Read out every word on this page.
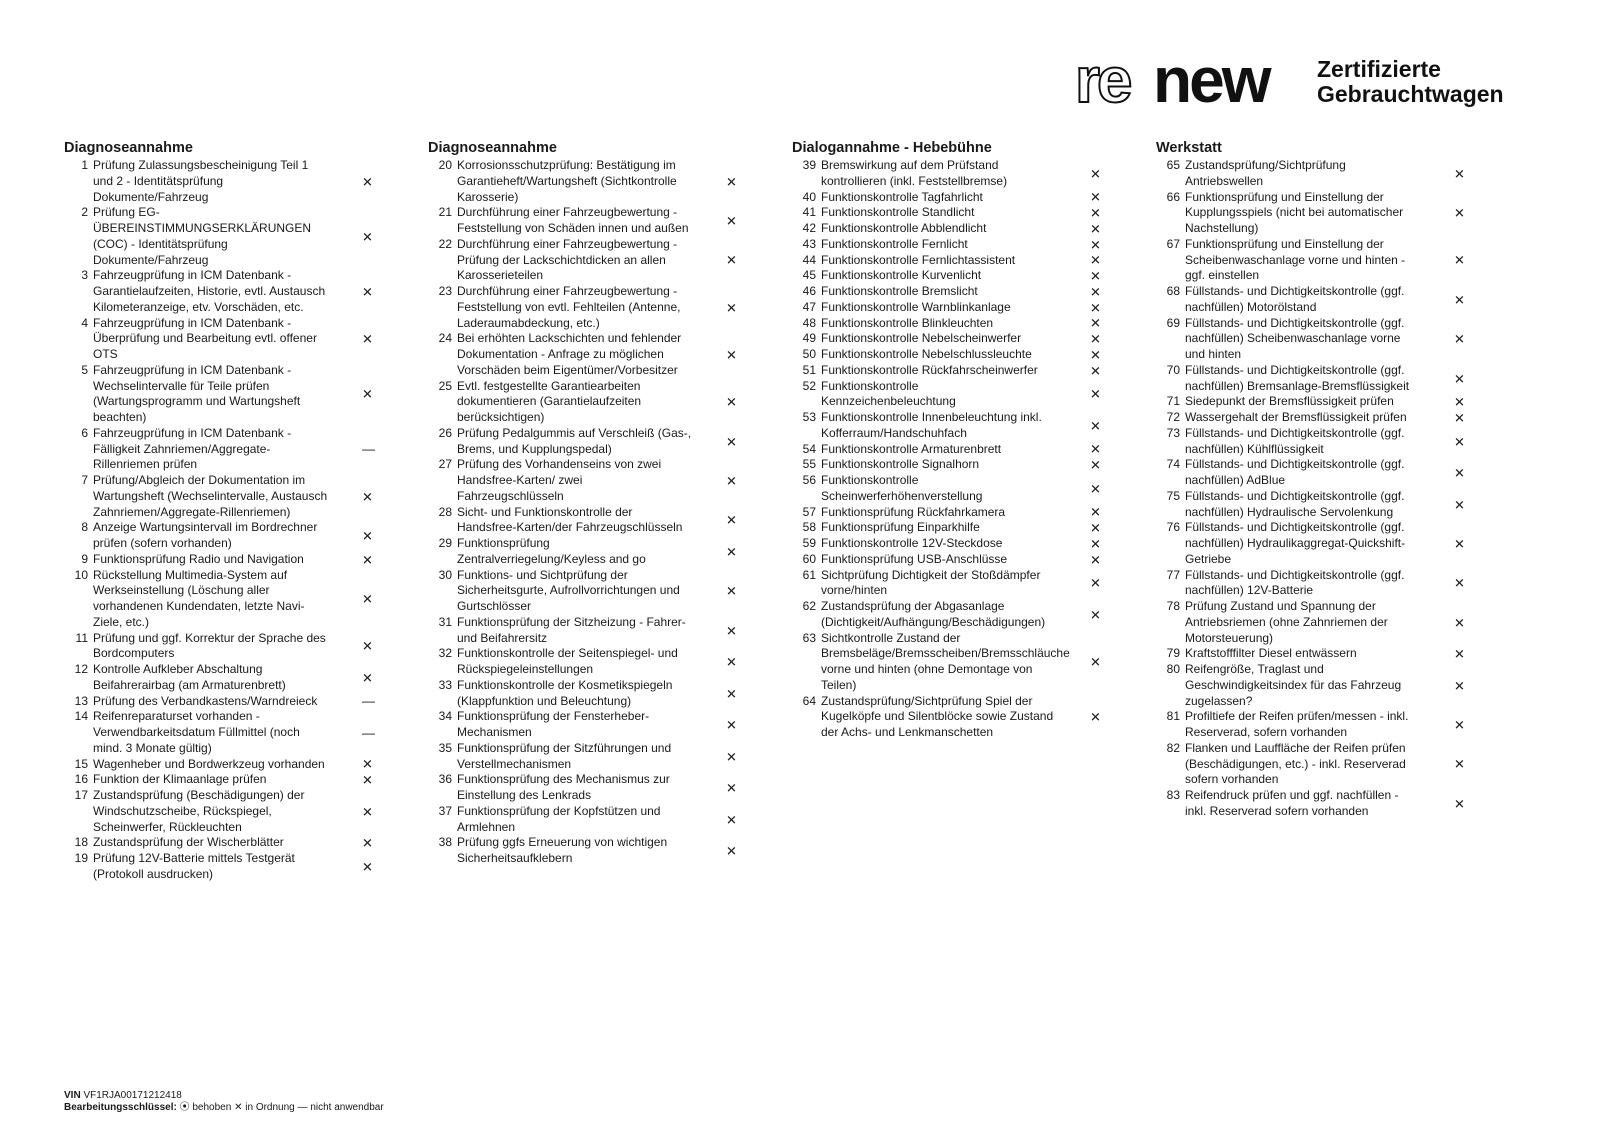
re new Zertifizierte
Gebrauchtwagen
Diagnoseannahme
1 Prüfung Zulassungsbescheinigung Teil 1 und 2 - Identitätsprüfung Dokumente/Fahrzeug
✕
2 Prüfung EG-ÜBEREINSTIMMUNGSERKLÄRUNGEN (COC) - Identitätsprüfung Dokumente/Fahrzeug
✕
3 Fahrzeugprüfung in ICM Datenbank - Garantielaufzeiten, Historie, evtl. Austausch Kilometeranzeige, etv. Vorschäden, etc.
✕
4 Fahrzeugprüfung in ICM Datenbank - Überprüfung und Bearbeitung evtl. offener OTS
✕
5 Fahrzeugprüfung in ICM Datenbank - Wechselintervalle für Teile prüfen (Wartungsprogramm und Wartungsheft beachten)
✕
6 Fahrzeugprüfung in ICM Datenbank - Fälligkeit Zahnriemen/Aggregate-Rillenriemen prüfen
—
7 Prüfung/Abgleich der Dokumentation im Wartungsheft (Wechselintervalle, Austausch Zahnriemen/Aggregate-Rillenriemen)
✕
8 Anzeige Wartungsintervall im Bordrechner prüfen (sofern vorhanden)	✕
9 Funktionsprüfung Radio und Navigation	✕
10 Rückstellung Multimedia-System auf Werkseinstellung (Löschung aller vorhandenen Kundendaten, letzte Navi-Ziele, etc.)
✕
11 Prüfung und ggf. Korrektur der Sprache des Bordcomputers	✕
12 Kontrolle Aufkleber Abschaltung Beifahrerairbag (am Armaturenbrett)	✕
13 Prüfung des Verbandkastens/Warndreieck	—
14 Reifenreparaturset vorhanden - Verwendbarkeitsdatum Füllmittel (noch mind. 3 Monate gültig)
—
15 Wagenheber und Bordwerkzeug vorhanden	✕
16 Funktion der Klimaanlage prüfen	✕
17 Zustandsprüfung (Beschädigungen) der Windschutzscheibe, Rückspiegel, Scheinwerfer, Rückleuchten
✕
18 Zustandsprüfung der Wischerblätter	✕
19 Prüfung 12V-Batterie mittels Testgerät (Protokoll ausdrucken)	✕
Diagnoseannahme
20 Korrosionsschutzprüfung: Bestätigung im Garantieheft/Wartungsheft (Sichtkontrolle Karosserie)
✕
21 Durchführung einer Fahrzeugbewertung - Feststellung von Schäden innen und außen	✕
22 Durchführung einer Fahrzeugbewertung - Prüfung der Lackschichtdicken an allen Karosserieteilen
✕
23 Durchführung einer Fahrzeugbewertung - Feststellung von evtl. Fehlteilen (Antenne, Laderaumabdeckung, etc.)
✕
24 Bei erhöhten Lackschichten und fehlender Dokumentation - Anfrage zu möglichen Vorschäden beim Eigentümer/Vorbesitzer
✕
25 Evtl. festgestellte Garantiearbeiten dokumentieren (Garantielaufzeiten berücksichtigen)
✕
26 Prüfung Pedalgummis auf Verschleiß (Gas-, Brems, und Kupplungspedal)	✕
27 Prüfung des Vorhandenseins von zwei Handsfree-Karten/ zwei Fahrzeugschlüsseln
✕
28 Sicht- und Funktionskontrolle der Handsfree-Karten/der Fahrzeugschlüsseln	✕
29 Funktionsprüfung Zentralverriegelung/Keyless and go	✕
30 Funktions- und Sichtprüfung der Sicherheitsgurte, Aufrollvorrichtungen und Gurtschlösser
✕
31 Funktionsprüfung der Sitzheizung - Fahrer- und Beifahrersitz	✕
32 Funktionskontrolle der Seitenspiegel- und Rückspiegeleinstellungen	✕
33 Funktionskontrolle der Kosmetikspiegeln (Klappfunktion und Beleuchtung)	✕
34 Funktionsprüfung der Fensterheber-Mechanismen	✕
35 Funktionsprüfung der Sitzführungen und Verstellmechanismen	✕
36 Funktionsprüfung des Mechanismus zur Einstellung des Lenkrads	✕
37 Funktionsprüfung der Kopfstützen und Armlehnen	✕
38 Prüfung ggfs Erneuerung von wichtigen Sicherheitsaufklebern	✕
Dialogannahme - Hebebühne
39 Bremswirkung auf dem Prüfstand kontrollieren (inkl. Feststellbremse)	✕
40 Funktionskontrolle Tagfahrlicht	✕
41 Funktionskontrolle Standlicht	✕
42 Funktionskontrolle Abblendlicht	✕
43 Funktionskontrolle Fernlicht	✕
44 Funktionskontrolle Fernlichtassistent	✕
45 Funktionskontrolle Kurvenlicht	✕
46 Funktionskontrolle Bremslicht	✕
47 Funktionskontrolle Warnblinkanlage	✕
48 Funktionskontrolle Blinkleuchten	✕
49 Funktionskontrolle Nebelscheinwerfer	✕
50 Funktionskontrolle Nebelschlussleuchte	✕
51 Funktionskontrolle Rückfahrscheinwerfer	✕
52 Funktionskontrolle Kennzeichenbeleuchtung	✕
53 Funktionskontrolle Innenbeleuchtung inkl. Kofferraum/Handschuhfach	✕
54 Funktionskontrolle Armaturenbrett	✕
55 Funktionskontrolle Signalhorn	✕
56 Funktionskontrolle Scheinwerferhöhenverstellung	✕
57 Funktionsprüfung Rückfahrkamera	✕
58 Funktionsprüfung Einparkhilfe	✕
59 Funktionskontrolle 12V-Steckdose	✕
60 Funktionsprüfung USB-Anschlüsse	✕
61 Sichtprüfung Dichtigkeit der Stoßdämpfer vorne/hinten	✕
62 Zustandsprüfung der Abgasanlage (Dichtigkeit/Aufhängung/Beschädigungen)	✕
63 Sichtkontrolle Zustand der Bremsbeläge/Bremsscheiben/Bremsschläuche vorne und hinten (ohne Demontage von Teilen)
✕
64 Zustandsprüfung/Sichtprüfung Spiel der Kugelköpfe und Silentblöcke sowie Zustand der Achs- und Lenkmanschetten
✕
Werkstatt
65 Zustandsprüfung/Sichtprüfung Antriebswellen	✕
66 Funktionsprüfung und Einstellung der Kupplungsspiels (nicht bei automatischer Nachstellung)
✕
67 Funktionsprüfung und Einstellung der Scheibenwaschanlage vorne und hinten - ggf. einstellen
✕
68 Füllstands- und Dichtigkeitskontrolle (ggf. nachfüllen) Motorölstand	✕
69 Füllstands- und Dichtigkeitskontrolle (ggf. nachfüllen) Scheibenwaschanlage vorne und hinten
✕
70 Füllstands- und Dichtigkeitskontrolle (ggf. nachfüllen) Bremsanlage-Bremsflüssigkeit	✕
71 Siedepunkt der Bremsflüssigkeit prüfen	✕
72 Wassergehalt der Bremsflüssigkeit prüfen	✕
73 Füllstands- und Dichtigkeitskontrolle (ggf. nachfüllen) Kühlflüssigkeit	✕
74 Füllstands- und Dichtigkeitskontrolle (ggf. nachfüllen) AdBlue	✕
75 Füllstands- und Dichtigkeitskontrolle (ggf. nachfüllen) Hydraulische Servolenkung	✕
76 Füllstands- und Dichtigkeitskontrolle (ggf. nachfüllen) Hydraulikaggregat-Quickshift-Getriebe
✕
77 Füllstands- und Dichtigkeitskontrolle (ggf. nachfüllen) 12V-Batterie	✕
78 Prüfung Zustand und Spannung der Antriebsriemen (ohne Zahnriemen der Motorsteuerung)
✕
79 Kraftstofffilter Diesel entwässern	✕
80 Reifengröße, Traglast und Geschwindigkeitsindex für das Fahrzeug zugelassen?
✕
81 Profiltiefe der Reifen prüfen/messen - inkl. Reserverad, sofern vorhanden	✕
82 Flanken und Lauffläche der Reifen prüfen (Beschädigungen, etc.) - inkl. Reserverad sofern vorhanden
✕
83 Reifendruck prüfen und ggf. nachfüllen - inkl. Reserverad sofern vorhanden	✕
VIN VF1RJA00171212418
Bearbeitungsschlüssel: ⦿ behoben ✕ in Ordnung — nicht anwendbar
